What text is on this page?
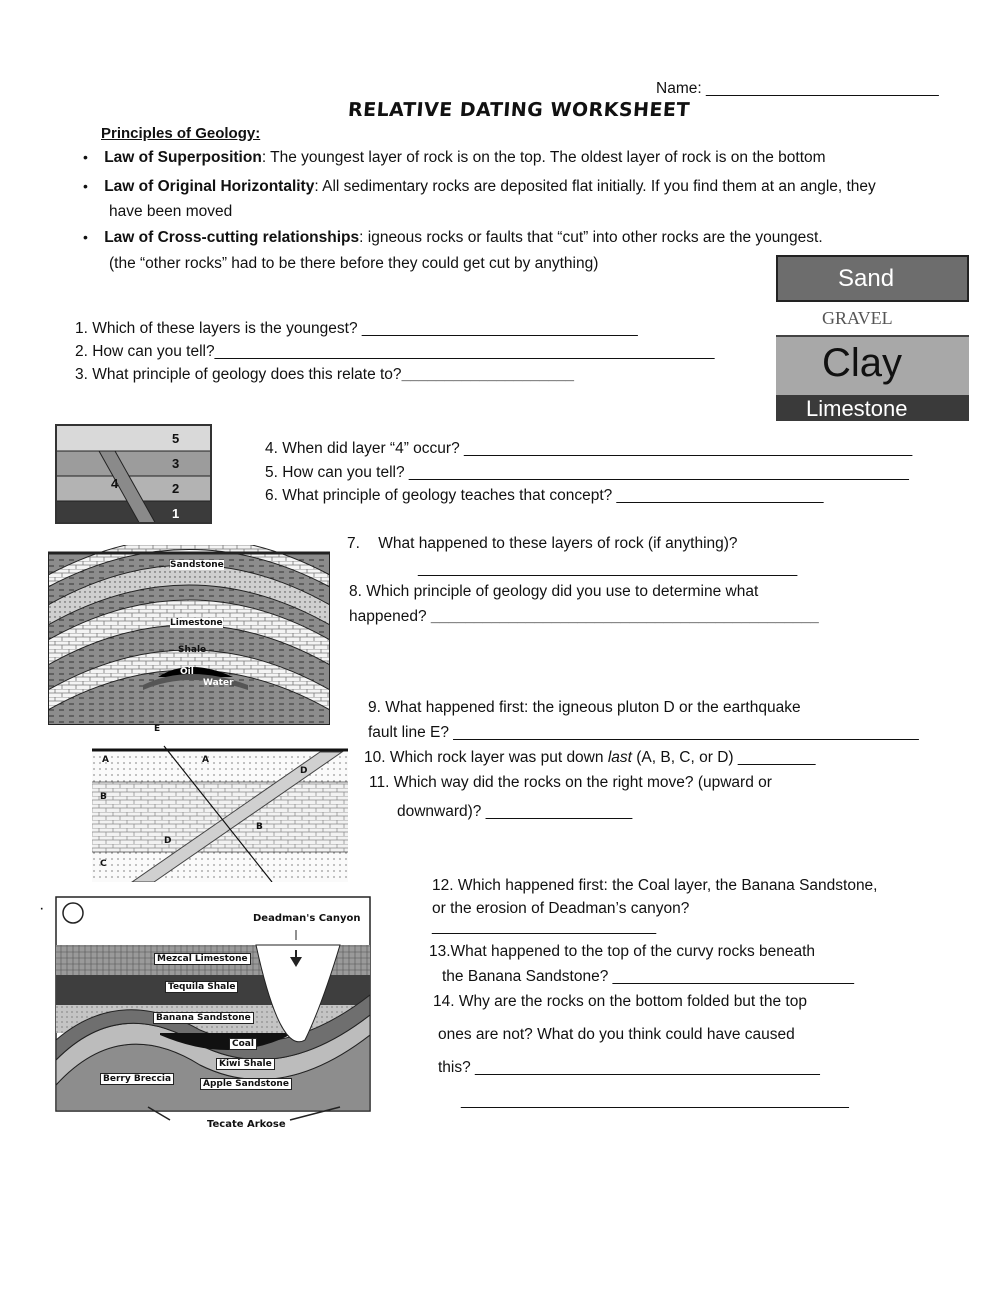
Name: ___________________________
RELATIVE DATING WORKSHEET
Principles of Geology:
• Law of Superposition: The youngest layer of rock is on the top. The oldest layer of rock is on the bottom
• Law of Original Horizontality: All sedimentary rocks are deposited flat initially. If you find them at an angle, they
have been moved
• Law of Cross-cutting relationships: igneous rocks or faults that “cut” into other rocks are the youngest.
(the “other rocks” had to be there before they could get cut by anything)
Sand
GRAVEL
Clay
Limestone
1. Which of these layers is the youngest? ________________________________
2. How can you tell?__________________________________________________________
3. What principle of geology does this relate to?____________________
5
3
2
1
4
4. When did layer “4” occur? ____________________________________________________
5. How can you tell? __________________________________________________________
6. What principle of geology teaches that concept? ________________________
Sandstone
Limestone
Shale
Oil
Water
7. What happened to these layers of rock (if anything)?
____________________________________________
8. Which principle of geology did you use to determine what
happened? _____________________________________________
E
A	A
D
B
B
D
C
9. What happened first: the igneous pluton D or the earthquake
fault line E? ______________________________________________________
10. Which rock layer was put down last (A, B, C, or D) _________
11. Which way did the rocks on the right move? (upward or
downward)? _________________
Deadman's Canyon
Mezcal Limestone
Tequila Shale
Banana Sandstone
Coal
Kiwi Shale
Berry Breccia	Apple Sandstone
Tecate Arkose
·
12. Which happened first: the Coal layer, the Banana Sandstone,
or the erosion of Deadman’s canyon?
__________________________
13.What happened to the top of the curvy rocks beneath
the Banana Sandstone? ____________________________
14. Why are the rocks on the bottom folded but the top
ones are not? What do you think could have caused
this? ________________________________________
_____________________________________________
